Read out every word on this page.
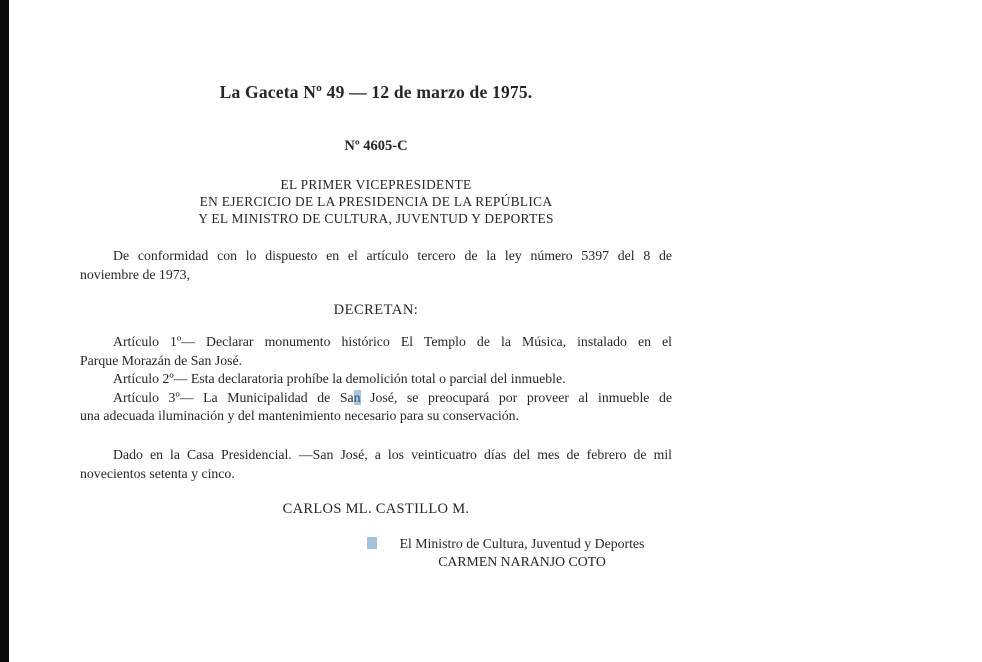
La Gaceta Nº 49 — 12 de marzo de 1975.
Nº 4605-C
EL PRIMER VICEPRESIDENTE
EN EJERCICIO DE LA PRESIDENCIA DE LA REPÚBLICA
Y EL MINISTRO DE CULTURA, JUVENTUD Y DEPORTES
De conformidad con lo dispuesto en el artículo tercero de la ley número 5397 del 8 de
noviembre de 1973,
DECRETAN:
Artículo 1º— Declarar monumento histórico El Templo de la Música, instalado en el
Parque Morazán de San José.
Artículo 2º— Esta declaratoria prohíbe la demolición total o parcial del inmueble.
Artículo 3º— La Municipalidad de San José, se preocupará por proveer al inmueble de
una adecuada iluminación y del mantenimiento necesario para su conservación.
Dado en la Casa Presidencial. —San José, a los veinticuatro días del mes de febrero de mil
novecientos setenta y cinco.
CARLOS ML. CASTILLO M.
El Ministro de Cultura, Juventud y Deportes
CARMEN NARANJO COTO
